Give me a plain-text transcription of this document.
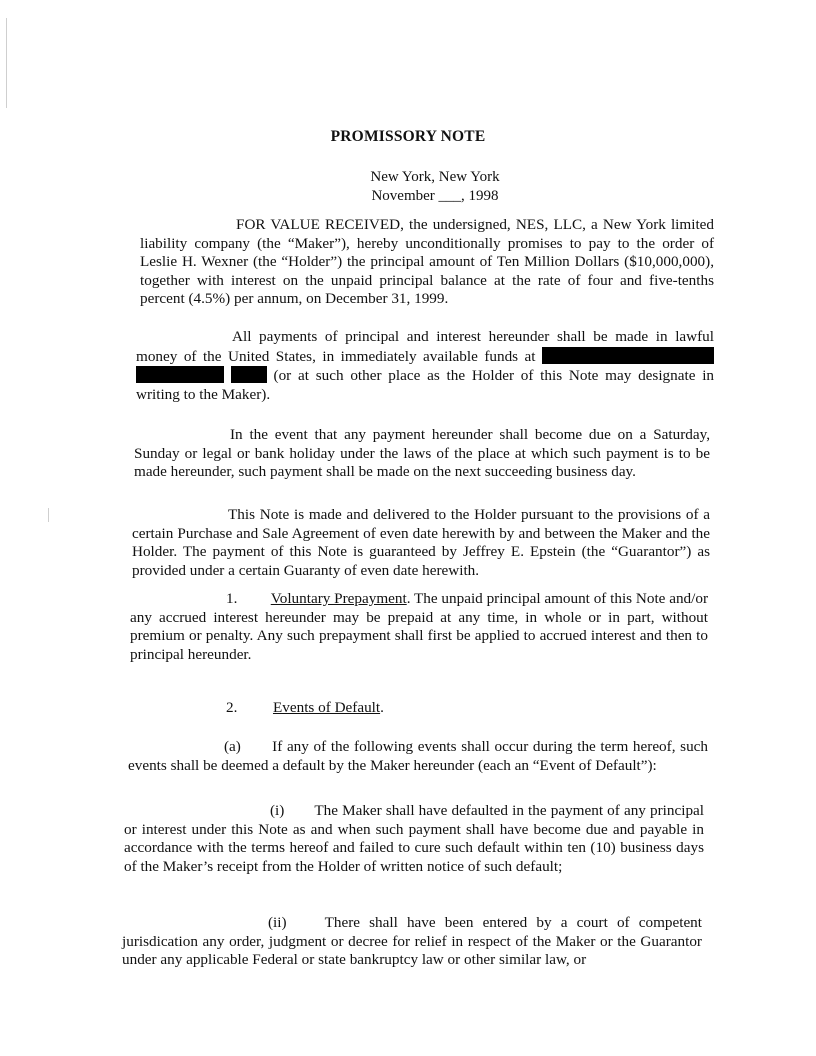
PROMISSORY NOTE
New York, New York
November ___, 1998

FOR VALUE RECEIVED, the undersigned, NES, LLC, a New York limited liability company (the “Maker”), hereby unconditionally promises to pay to the order of Leslie H. Wexner (the “Holder”) the principal amount of Ten Million Dollars ($10,000,000), together with interest on the unpaid principal balance at the rate of four and five-tenths percent (4.5%) per annum, on December 31, 1999.

All payments of principal and interest hereunder shall be made in lawful money of the United States, in immediately available funds at    (or at such other place as the Holder of this Note may designate in writing to the Maker).

In the event that any payment hereunder shall become due on a Saturday, Sunday or legal or bank holiday under the laws of the place at which such payment is to be made hereunder, such payment shall be made on the next succeeding business day.

This Note is made and delivered to the Holder pursuant to the provisions of a certain Purchase and Sale Agreement of even date herewith by and between the Maker and the Holder. The payment of this Note is guaranteed by Jeffrey E. Epstein (the “Guarantor”) as provided under a certain Guaranty of even date herewith.

1. Voluntary Prepayment. The unpaid principal amount of this Note and/or any accrued interest hereunder may be prepaid at any time, in whole or in part, without premium or penalty. Any such prepayment shall first be applied to accrued interest and then to principal hereunder.

2. Events of Default.

(a) If any of the following events shall occur during the term hereof, such events shall be deemed a default by the Maker hereunder (each an “Event of Default”):

(i) The Maker shall have defaulted in the payment of any principal or interest under this Note as and when such payment shall have become due and payable in accordance with the terms hereof and failed to cure such default within ten (10) business days of the Maker’s receipt from the Holder of written notice of such default;

(ii)	There shall have been entered by a court of competent jurisdication any order, judgment or decree for relief in respect of the Maker or the Guarantor under any applicable Federal or state bankruptcy law or other similar law, or
